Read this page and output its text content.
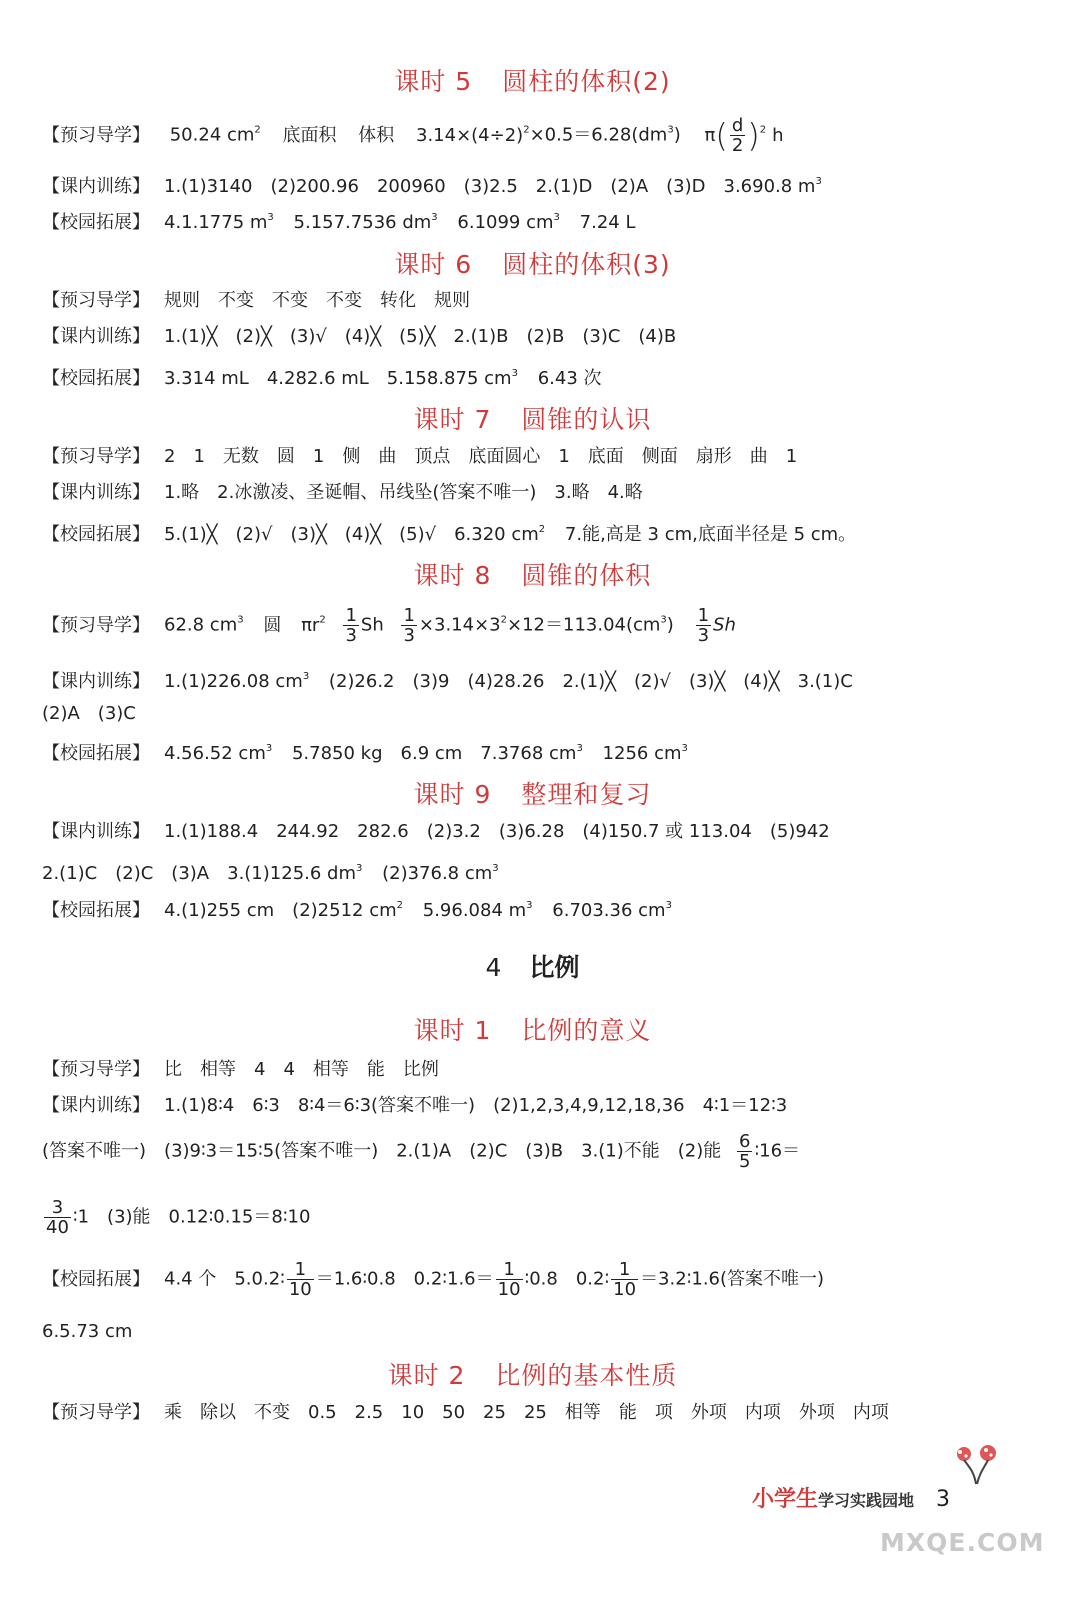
课时 5 圆柱的体积(2)
【预习导学】 50.24 $cm^2$ 底面积 体积 $3.14\times(4\div 2)^2\times 0.5=6.28(dm^3)$ $\pi( \frac{d}{2} )^2$ h
【课内训练】 1.(1)3140　(2)200.96　200960　(3)2.5　2.(1)D　(2)A　(3)D　3.690.8 $m^3$
【校园拓展】 4.1.1775 $m^3$ 5.157.7536 $dm^3$ 6.1099 $cm^3$ 7.24 L
课时 6 圆柱的体积(3)
【预习导学】 规则　不变　不变　不变　转化　规则
【课内训练】 1.(1)╳　(2)╳　(3)√　(4)╳　(5)╳　2.(1)B　(2)B　(3)C　(4)B
【校园拓展】 3.314 mL　4.282.6 mL　5.158.875 $cm^3$ 6.43 次
课时 7 圆锥的认识
【预习导学】 2　1　无数　圆　1　侧　曲　顶点　底面圆心　1　底面　侧面　扇形　曲　1
【课内训练】 1.略　2.冰激凌、圣诞帽、吊线坠(答案不唯一)　3.略　4.略
【校园拓展】 5.(1)╳　(2)√　(3)╳　(4)╳　(5)√　6.320 $cm^2$ 7.能,高是 3 cm,底面半径是 5 cm。
课时 8 圆锥的体积
【预习导学】 62.8 $cm^3$ 圆 $\pi r^2 \frac{1}{3}$ Sh $\frac{1}{3} \times 3.14\times 3^2\times 12=113.04(cm^3) \frac{1}{3}$ Sh
【课内训练】 1.(1)226.08 $cm^3$ (2)26.2　(3)9　(4)28.26　2.(1)╳　(2)√　(3)╳　(4)╳　3.(1)C
(2)A　(3)C
【校园拓展】 4.56.52 $cm^3$ 5.7850 kg　6.9 cm　7.3768 $cm^3$ 1256 $cm^3$
课时 9 整理和复习
【课内训练】 1.(1)188.4　244.92　282.6　(2)3.2　(3)6.28　(4)150.7 或 113.04　(5)942
2.(1)C　(2)C　(3)A　3.(1)125.6 $dm^3$ (2)376.8 $cm^3$
【校园拓展】 4.(1)255 cm　(2)2512 $cm^2$ 5.96.084 $m^3$ 6.703.36 $cm^3$
4 比例
课时 1 比例的意义
【预习导学】 比　相等　4　4　相等　能　比例
【课内训练】 1.(1)8∶4　6∶3　8∶4＝6∶3(答案不唯一)　(2)1,2,3,4,9,12,18,36　4∶1＝12∶3
(答案不唯一)　(3)9∶3＝15∶5(答案不唯一)　2.(1)A　(2)C　(3)B　3.(1)不能　(2)能 $\frac{6}{5}$ ∶16＝
$\frac{3}{40}$ ∶1　(3)能　0.12∶0.15＝8∶10
【校园拓展】 4.4 个　5.0.2∶ $\frac{1}{10}$ ＝1.6∶0.8　0.2∶1.6＝ $\frac{1}{10}$ ∶0.8　0.2∶ $\frac{1}{10}$ ＝3.2∶1.6(答案不唯一)
6.5.73 cm
课时 2 比例的基本性质
【预习导学】 乘　除以　不变　0.5　2.5　10　50　25　25　相等　能　项　外项　内项　外项　内项
小学生学习实践园地 3
MXQE.COM
